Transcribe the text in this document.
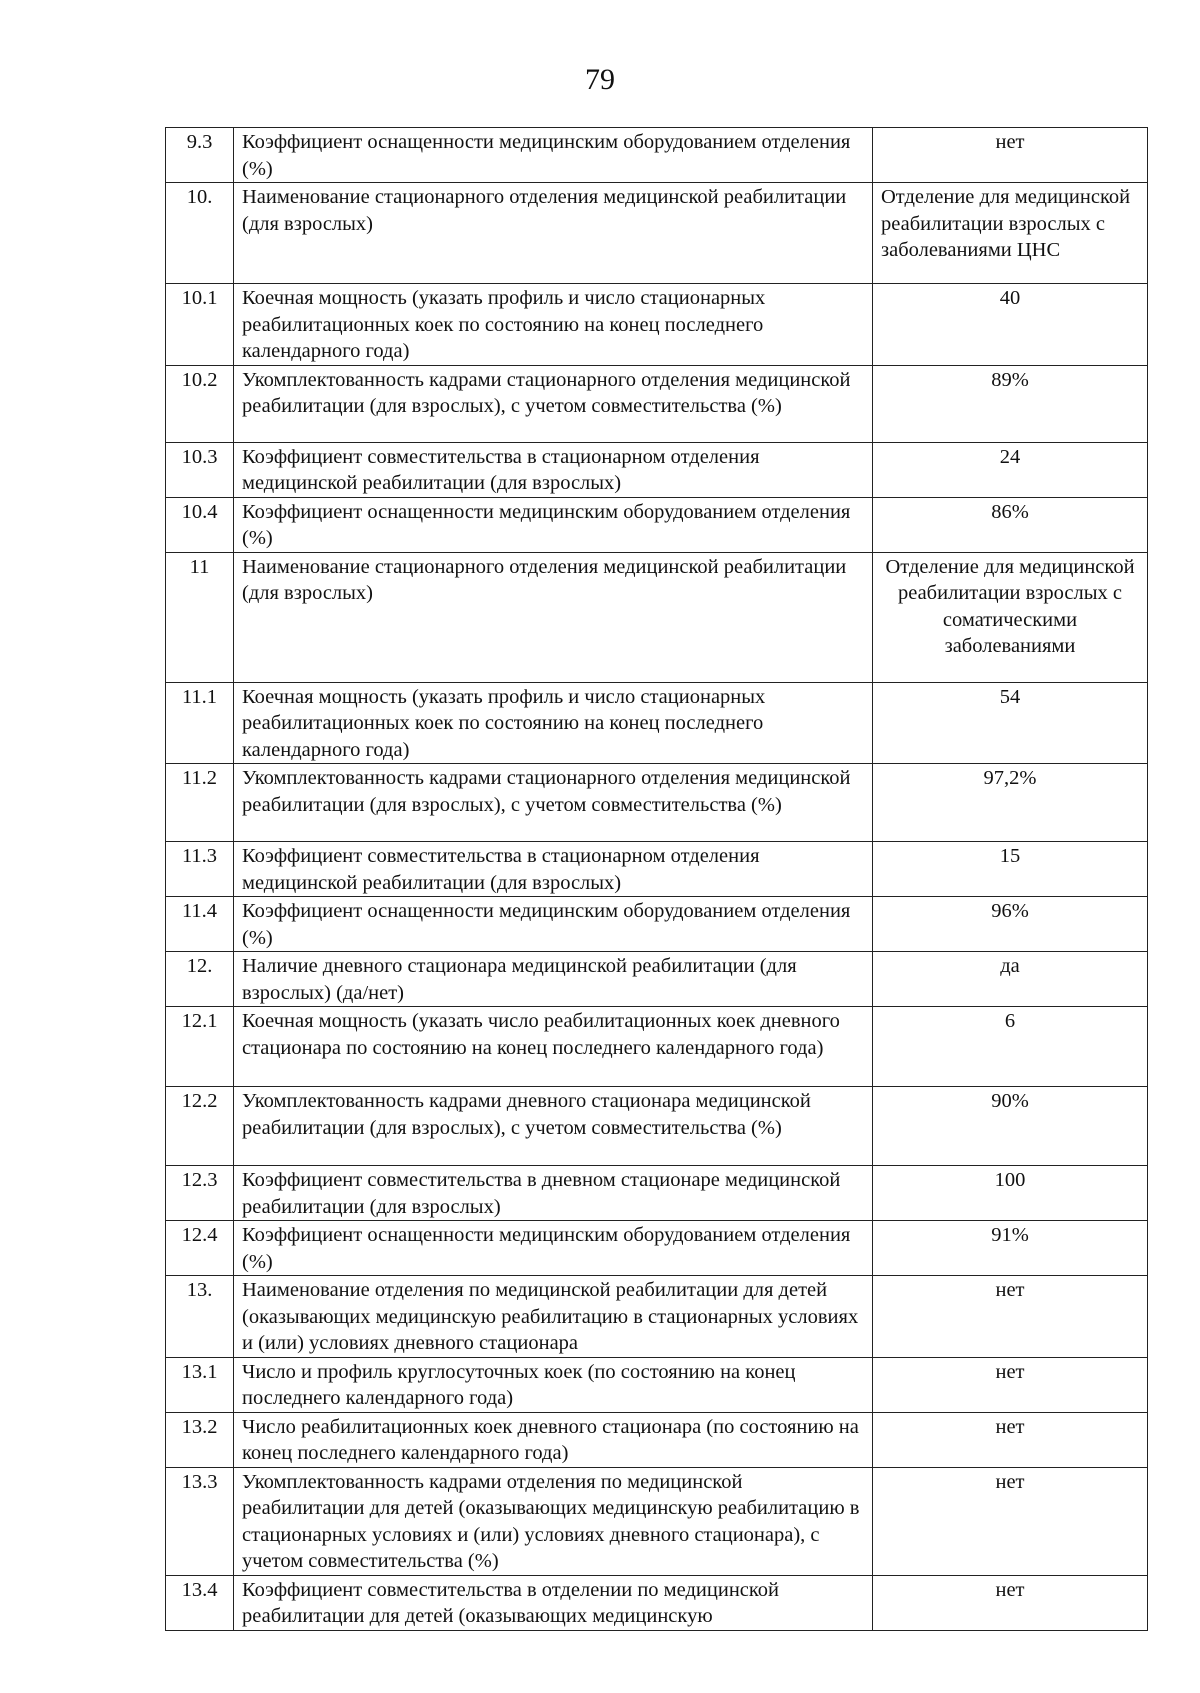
79
9.3	Коэффициент оснащенности медицинским оборудованием отделения (%)	нет
10.	Наименование стационарного отделения медицинской реабилитации (для взрослых)	Отделение для медицинской реабилитации взрослых с заболеваниями ЦНС
10.1	Коечная мощность (указать профиль и число стационарных реабилитационных коек по состоянию на конец последнего календарного года)	40
10.2	Укомплектованность кадрами стационарного отделения медицинской реабилитации (для взрослых), с учетом совместительства (%)	89%
10.3	Коэффициент совместительства в стационарном отделения медицинской реабилитации (для взрослых)	24
10.4	Коэффициент оснащенности медицинским оборудованием отделения (%)	86%
11	Наименование стационарного отделения медицинской реабилитации (для взрослых)	Отделение для медицинской реабилитации взрослых с соматическими заболеваниями
11.1	Коечная мощность (указать профиль и число стационарных реабилитационных коек по состоянию на конец последнего календарного года)	54
11.2	Укомплектованность кадрами стационарного отделения медицинской реабилитации (для взрослых), с учетом совместительства (%)	97,2%
11.3	Коэффициент совместительства в стационарном отделения медицинской реабилитации (для взрослых)	15
11.4	Коэффициент оснащенности медицинским оборудованием отделения (%)	96%
12.	Наличие дневного стационара медицинской реабилитации (для взрослых) (да/нет)	да
12.1	Коечная мощность (указать число реабилитационных коек дневного стационара по состоянию на конец последнего календарного года)	6
12.2	Укомплектованность кадрами дневного стационара медицинской реабилитации (для взрослых), с учетом совместительства (%)	90%
12.3	Коэффициент совместительства в дневном стационаре медицинской реабилитации (для взрослых)	100
12.4	Коэффициент оснащенности медицинским оборудованием отделения (%)	91%
13.	Наименование отделения по медицинской реабилитации для детей (оказывающих медицинскую реабилитацию в стационарных условиях и (или) условиях дневного стационара	нет
13.1	Число и профиль круглосуточных коек (по состоянию на конец последнего календарного года)	нет
13.2	Число реабилитационных коек дневного стационара (по состоянию на конец последнего календарного года)	нет
13.3	Укомплектованность кадрами отделения по медицинской реабилитации для детей (оказывающих медицинскую реабилитацию в стационарных условиях и (или) условиях дневного стационара), с учетом совместительства (%)	нет
13.4	Коэффициент совместительства в отделении по медицинской реабилитации для детей (оказывающих медицинскую	нет
